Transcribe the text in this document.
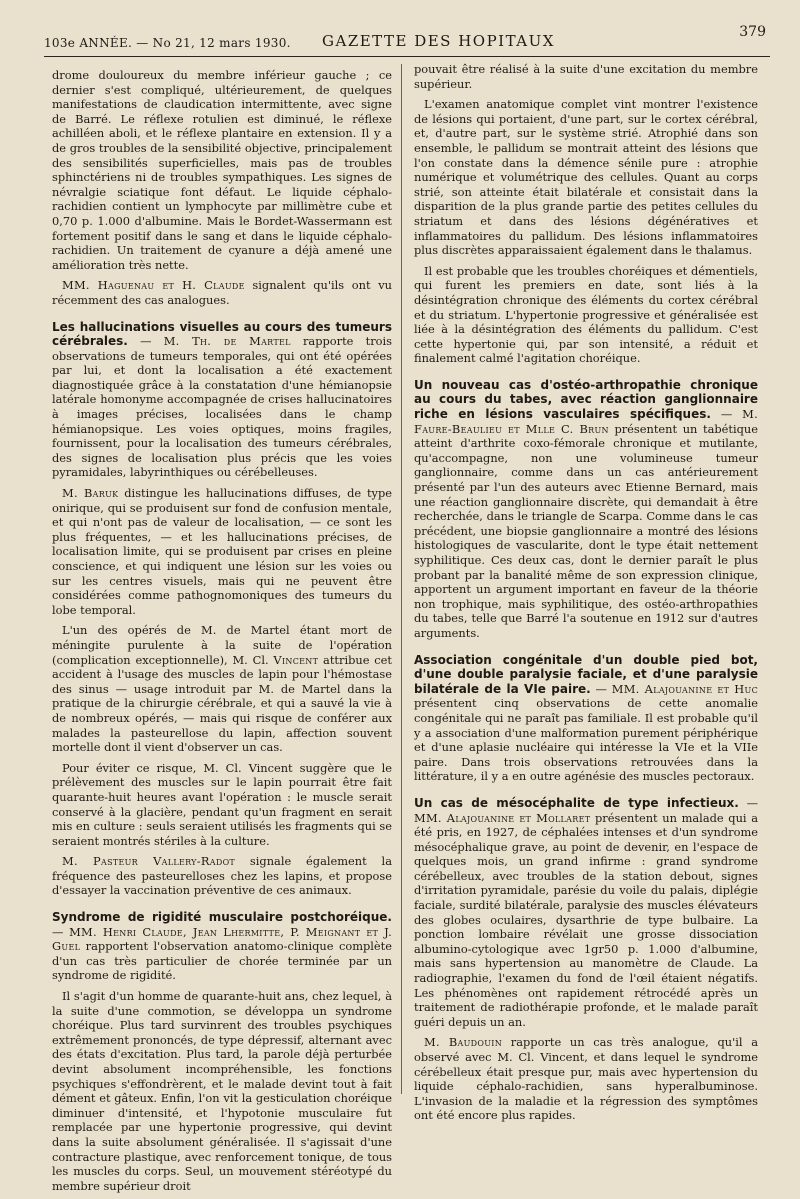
103e ANNÉE. — No 21, 12 mars 1930. GAZETTE DES HOPITAUX	379

drome douloureux du membre inférieur gauche ; ce dernier s'est compliqué, ultérieurement, de quelques manifestations de claudication intermittente, avec signe de Barré. Le réflexe rotulien est diminué, le réflexe achilléen aboli, et le réflexe plantaire en extension. Il y a de gros troubles de la sensibilité objective, principalement des sensibilités superficielles, mais pas de troubles sphinctériens ni de troubles sympathiques. Les signes de névralgie sciatique font défaut. Le liquide céphalo-rachidien contient un lymphocyte par millimètre cube et 0,70 p. 1.000 d'albumine. Mais le Bordet-Wassermann est fortement positif dans le sang et dans le liquide céphalo-rachidien. Un traitement de cyanure a déjà amené une amélioration très nette.

MM. Haguenau et H. Claude signalent qu'ils ont vu récemment des cas analogues.

Les hallucinations visuelles au cours des tumeurs cérébrales. — M. Th. de Martel rapporte trois observations de tumeurs temporales, qui ont été opérées par lui, et dont la localisation a été exactement diagnostiquée grâce à la constatation d'une hémianopsie latérale homonyme accompagnée de crises hallucinatoires à images précises, localisées dans le champ hémianopsique. Les voies optiques, moins fragiles, fournissent, pour la localisation des tumeurs cérébrales, des signes de localisation plus précis que les voies pyramidales, labyrinthiques ou cérébelleuses.

M. Baruk distingue les hallucinations diffuses, de type onirique, qui se produisent sur fond de confusion mentale, et qui n'ont pas de valeur de localisation, — ce sont les plus fréquentes, — et les hallucinations précises, de localisation limite, qui se produisent par crises en pleine conscience, et qui indiquent une lésion sur les voies ou sur les centres visuels, mais qui ne peuvent être considérées comme pathognomoniques des tumeurs du lobe temporal.

L'un des opérés de M. de Martel étant mort de méningite purulente à la suite de l'opération (complication exceptionnelle), M. Cl. Vincent attribue cet accident à l'usage des muscles de lapin pour l'hémostase des sinus — usage introduit par M. de Martel dans la pratique de la chirurgie cérébrale, et qui a sauvé la vie à de nombreux opérés, — mais qui risque de conférer aux malades la pasteurellose du lapin, affection souvent mortelle dont il vient d'observer un cas.

Pour éviter ce risque, M. Cl. Vincent suggère que le prélèvement des muscles sur le lapin pourrait être fait quarante-huit heures avant l'opération : le muscle serait conservé à la glacière, pendant qu'un fragment en serait mis en culture : seuls seraient utilisés les fragments qui se seraient montrés stériles à la culture.

M. Pasteur Vallery-Radot signale également la fréquence des pasteurelloses chez les lapins, et propose d'essayer la vaccination préventive de ces animaux.

Syndrome de rigidité musculaire postchoréique. — MM. Henri Claude, Jean Lhermitte, P. Meignant et J. Guel rapportent l'observation anatomo-clinique complète d'un cas très particulier de chorée terminée par un syndrome de rigidité.

Il s'agit d'un homme de quarante-huit ans, chez lequel, à la suite d'une commotion, se développa un syndrome choréique. Plus tard survinrent des troubles psychiques extrêmement prononcés, de type dépressif, alternant avec des états d'excitation. Plus tard, la parole déjà perturbée devint absolument incompréhensible, les fonctions psychiques s'effondrèrent, et le malade devint tout à fait dément et gâteux. Enfin, l'on vit la gesticulation choréique diminuer d'intensité, et l'hypotonie musculaire fut remplacée par une hypertonie progressive, qui devint dans la suite absolument généralisée. Il s'agissait d'une contracture plastique, avec renforcement tonique, de tous les muscles du corps. Seul, un mouvement stéréotypé du membre supérieur droit

pouvait être réalisé à la suite d'une excitation du membre supérieur.

L'examen anatomique complet vint montrer l'existence de lésions qui portaient, d'une part, sur le cortex cérébral, et, d'autre part, sur le système strié. Atrophié dans son ensemble, le pallidum se montrait atteint des lésions que l'on constate dans la démence sénile pure : atrophie numérique et volumétrique des cellules. Quant au corps strié, son atteinte était bilatérale et consistait dans la disparition de la plus grande partie des petites cellules du striatum et dans des lésions dégénératives et inflammatoires du pallidum. Des lésions inflammatoires plus discrètes apparaissaient également dans le thalamus.

Il est probable que les troubles choréiques et démentiels, qui furent les premiers en date, sont liés à la désintégration chronique des éléments du cortex cérébral et du striatum. L'hypertonie progressive et généralisée est liée à la désintégration des éléments du pallidum. C'est cette hypertonie qui, par son intensité, a réduit et finalement calmé l'agitation choréique.

Un nouveau cas d'ostéo-arthropathie chronique au cours du tabes, avec réaction ganglionnaire riche en lésions vasculaires spécifiques. — M. Faure-Beaulieu et Mlle C. Brun présentent un tabétique atteint d'arthrite coxo-fémorale chronique et mutilante, qu'accompagne, non une volumineuse tumeur ganglionnaire, comme dans un cas antérieurement présenté par l'un des auteurs avec Etienne Bernard, mais une réaction ganglionnaire discrète, qui demandait à être recherchée, dans le triangle de Scarpa. Comme dans le cas précédent, une biopsie ganglionnaire a montré des lésions histologiques de vascularite, dont le type était nettement syphilitique. Ces deux cas, dont le dernier paraît le plus probant par la banalité même de son expression clinique, apportent un argument important en faveur de la théorie non trophique, mais syphilitique, des ostéo-arthropathies du tabes, telle que Barré l'a soutenue en 1912 sur d'autres arguments.

Association congénitale d'un double pied bot, d'une double paralysie faciale, et d'une paralysie bilatérale de la VIe paire. — MM. Alajouanine et Huc présentent cinq observations de cette anomalie congénitale qui ne paraît pas familiale. Il est probable qu'il y a association d'une malformation purement périphérique et d'une aplasie nucléaire qui intéresse la VIe et la VIIe paire. Dans trois observations retrouvées dans la littérature, il y a en outre agénésie des muscles pectoraux.

Un cas de mésocéphalite de type infectieux. — MM. Alajouanine et Mollaret présentent un malade qui a été pris, en 1927, de céphalées intenses et d'un syndrome mésocéphalique grave, au point de devenir, en l'espace de quelques mois, un grand infirme : grand syndrome cérébelleux, avec troubles de la station debout, signes d'irritation pyramidale, parésie du voile du palais, diplégie faciale, surdité bilatérale, paralysie des muscles élévateurs des globes oculaires, dysarthrie de type bulbaire. La ponction lombaire révélait une grosse dissociation albumino-cytologique avec 1gr50 p. 1.000 d'albumine, mais sans hypertension au manomètre de Claude. La radiographie, l'examen du fond de l'œil étaient négatifs. Les phénomènes ont rapidement rétrocédé après un traitement de radiothérapie profonde, et le malade paraît guéri depuis un an.

M. Baudouin rapporte un cas très analogue, qu'il a observé avec M. Cl. Vincent, et dans lequel le syndrome cérébelleux était presque pur, mais avec hypertension du liquide céphalo-rachidien, sans hyperalbuminose. L'invasion de la maladie et la régression des symptômes ont été encore plus rapides.
